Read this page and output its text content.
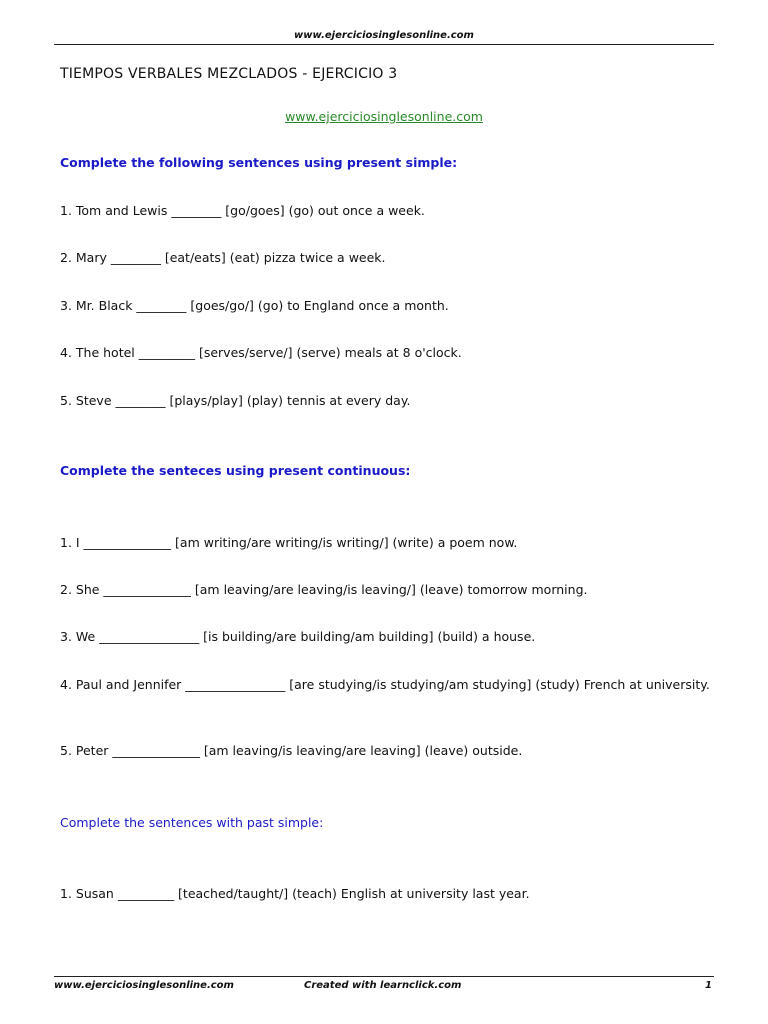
www.ejerciciosinglesonline.com
TIEMPOS VERBALES MEZCLADOS - EJERCICIO 3
www.ejerciciosinglesonline.com
Complete the following sentences using present simple:
1. Tom and Lewis ________ [go/goes] (go) out once a week.
2. Mary ________ [eat/eats] (eat) pizza twice a week.
3. Mr. Black ________ [goes/go/] (go) to England once a month.
4. The hotel _________ [serves/serve/] (serve) meals at 8 o'clock.
5. Steve ________ [plays/play] (play) tennis at every day.
Complete the senteces using present continuous:
1. I ______________ [am writing/are writing/is writing/] (write) a poem now.
2. She ______________ [am leaving/are leaving/is leaving/] (leave) tomorrow morning.
3. We ________________ [is building/are building/am building] (build) a house.
4. Paul and Jennifer ________________ [are studying/is studying/am studying] (study) French at university.
5. Peter ______________ [am leaving/is leaving/are leaving] (leave) outside.
Complete the sentences with past simple:
1. Susan _________ [teached/taught/] (teach) English at university last year.
www.ejerciciosinglesonline.com	Created with learnclick.com	1
